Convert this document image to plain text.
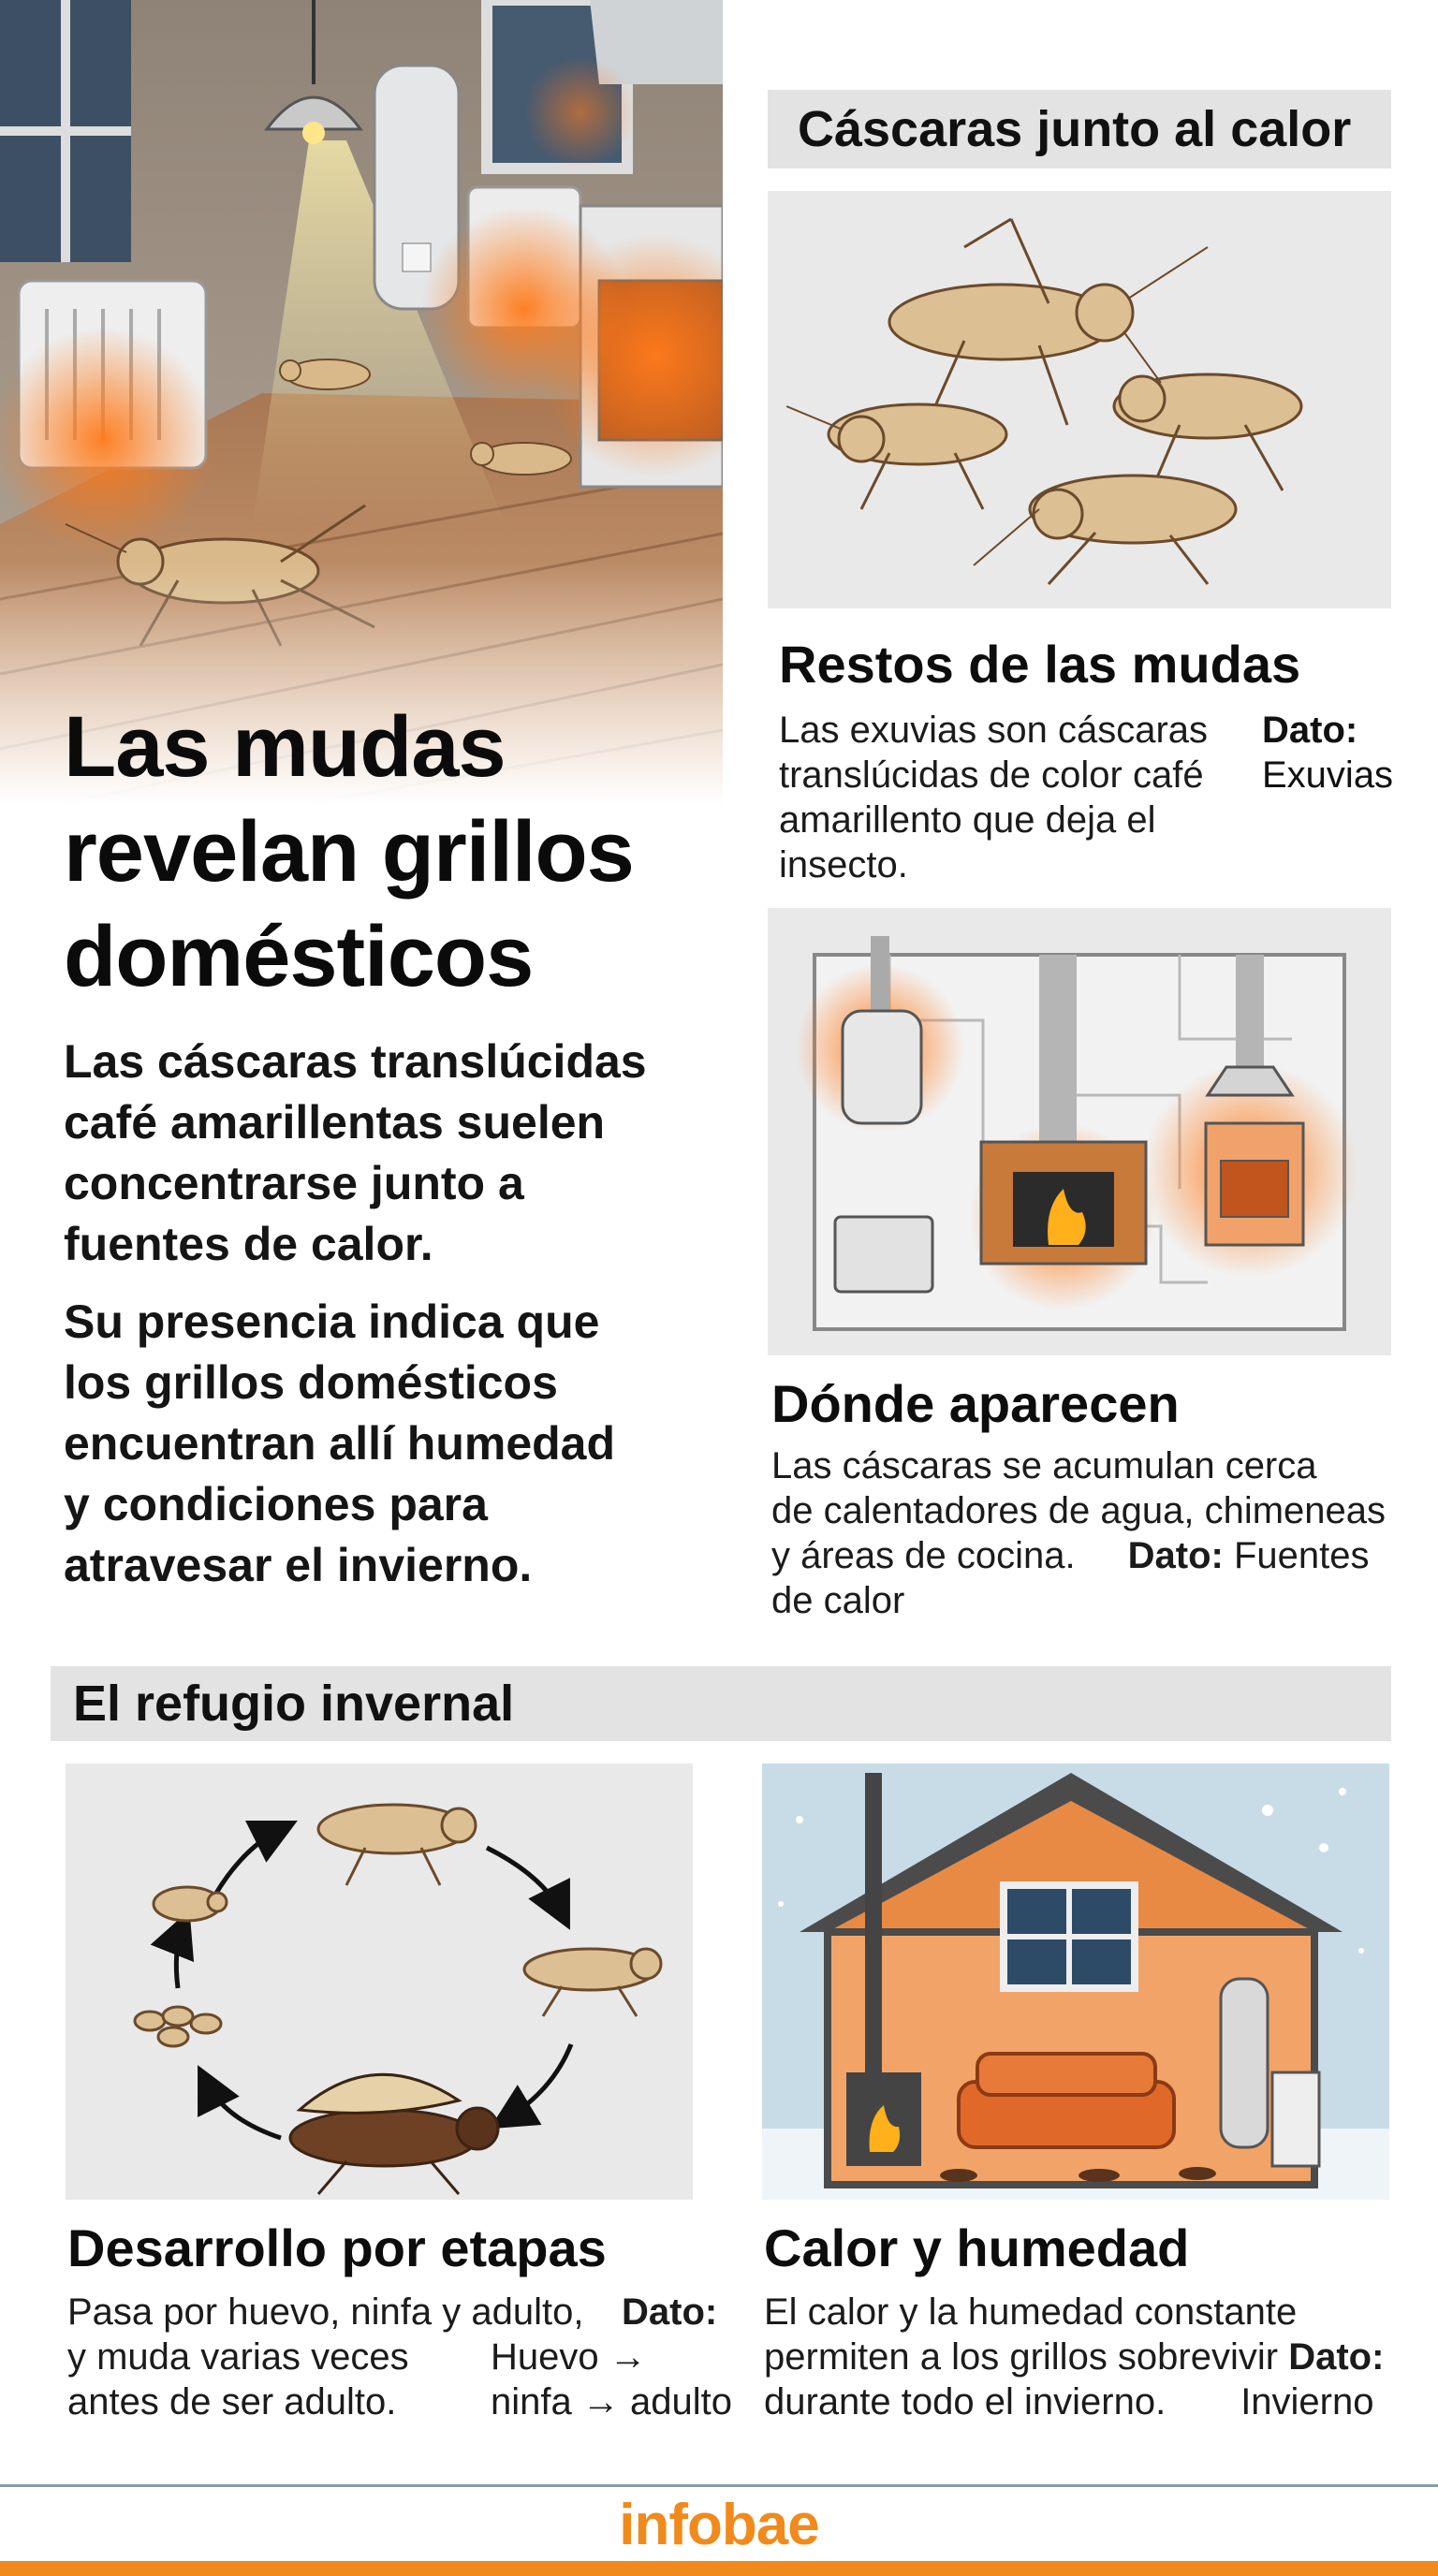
Las mudas
revelan grillos
domésticos
Las cáscaras translúcidas
café amarillentas suelen
concentrarse junto a
fuentes de calor.
Su presencia indica que
los grillos domésticos
encuentran allí humedad
y condiciones para
atravesar el invierno.
Cáscaras junto al calor
Restos de las mudas
Las exuvias son cáscaras
translúcidas de color café
amarillento que deja el insecto.
Dato:
Exuvias
Dónde aparecen
Las cáscaras se acumulan cerca
de calentadores de agua, chimeneas
y áreas de cocina. Dato: Fuentes
de calor
El refugio invernal
Desarrollo por etapas
Pasa por huevo, ninfa y adulto,
y muda varias veces
antes de ser adulto.
Dato:
Huevo →
ninfa → adulto
Calor y humedad
El calor y la humedad constante
permiten a los grillos sobrevivir Dato:
durante todo el invierno. Invierno
infobae
